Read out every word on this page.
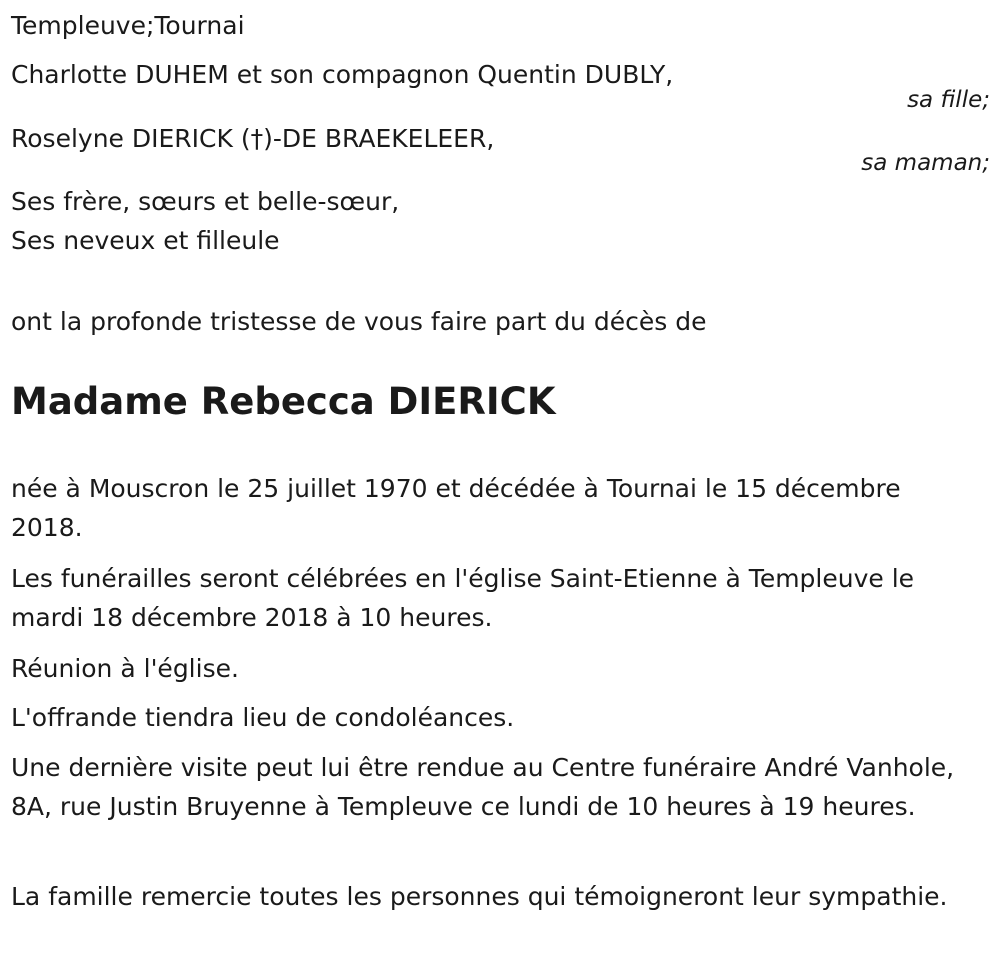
Templeuve;Tournai

Charlotte DUHEM et son compagnon Quentin DUBLY,

sa fille;

Roselyne DIERICK (†)-DE BRAEKELEER,

sa maman;

Ses frère, sœurs et belle-sœur,

Ses neveux et filleule

ont la profonde tristesse de vous faire part du décès de

Madame Rebecca DIERICK

née à Mouscron le 25 juillet 1970 et décédée à Tournai le 15 décembre 2018.

Les funérailles seront célébrées en l'église Saint-Etienne à Templeuve le mardi 18 décembre 2018 à 10 heures.

Réunion à l'église.

L'offrande tiendra lieu de condoléances.

Une dernière visite peut lui être rendue au Centre funéraire André Vanhole, 8A, rue Justin Bruyenne à Templeuve ce lundi de 10 heures à 19 heures.

La famille remercie toutes les personnes qui témoigneront leur sympathie.
